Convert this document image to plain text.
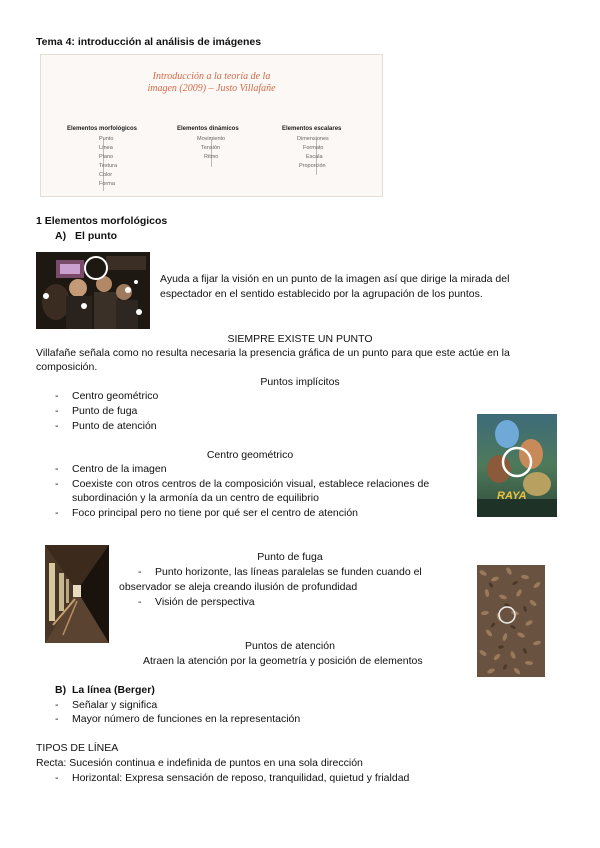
Tema 4: introducción al análisis de imágenes
Introducción a la teoría de la
imagen (2009) – Justo Villafañe
Elementos morfológicos	Elementos dinámicos	Elementos escalares
Punto
Línea
Plano
Textura
Color
Forma
Movimiento
Tensión
Ritmo
Dimensiones
Formato
Escala
Proporción
1 Elementos morfológicos
A) El punto
Ayuda a fijar la visión en un punto de la imagen así que dirige la mirada del
espectador en el sentido establecido por la agrupación de los puntos.
SIEMPRE EXISTE UN PUNTO
Villafañe señala como no resulta necesaria la presencia gráfica de un punto para que este actúe en la
composición.
Puntos implícitos
-	Centro geométrico
-	Punto de fuga
-	Punto de atención
RAYA
Centro geométrico
-	Centro de la imagen
-	Coexiste con otros centros de la composición visual, establece relaciones de
subordinación y la armonía da un centro de equilibrio
-	Foco principal pero no tiene por qué ser el centro de atención
Punto de fuga
-	Punto horizonte, las líneas paralelas se funden cuando el
observador se aleja creando ilusión de profundidad
-	Visión de perspectiva
Puntos de atención
Atraen la atención por la geometría y posición de elementos
B) La línea (Berger)
-	Señalar y significa
-	Mayor número de funciones en la representación
TIPOS DE LÍNEA
Recta: Sucesión continua e indefinida de puntos en una sola dirección
-	Horizontal: Expresa sensación de reposo, tranquilidad, quietud y frialdad
